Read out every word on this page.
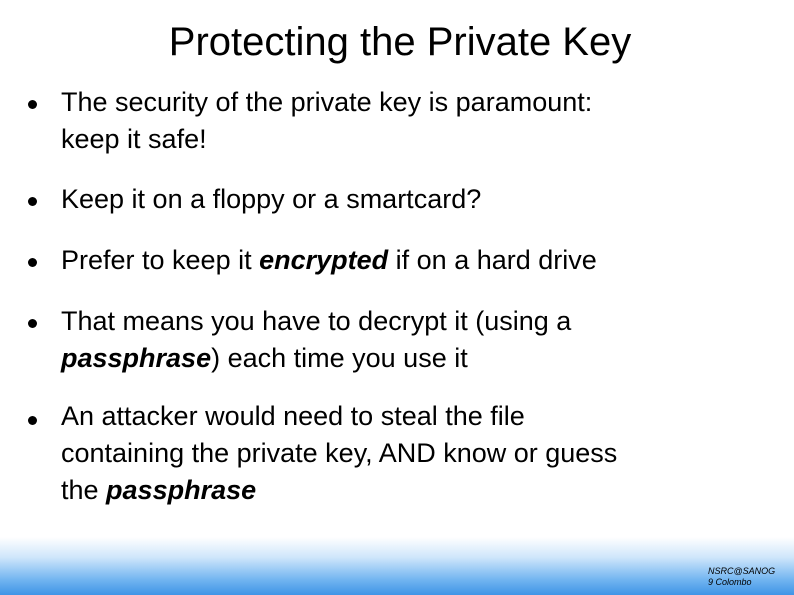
Protecting the Private Key
The security of the private key is paramount:
keep it safe!
Keep it on a floppy or a smartcard?
Prefer to keep it encrypted if on a hard drive
That means you have to decrypt it (using a
passphrase) each time you use it
An attacker would need to steal the file
containing the private key, AND know or guess
the passphrase
NSRC@SANOG
9 Colombo
